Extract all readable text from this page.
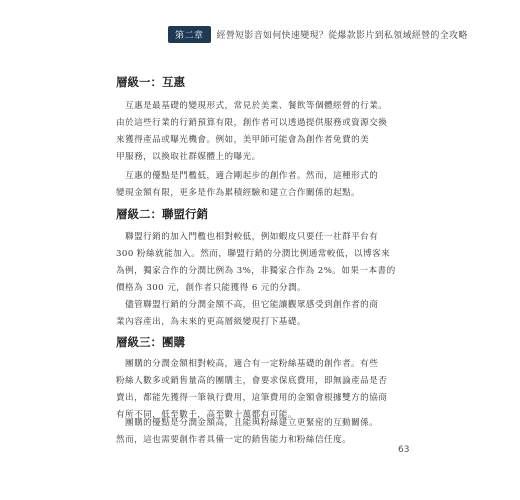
第二章	經營短影音如何快速變現？從爆款影片到私領域經營的全攻略
層級一：互惠
　互惠是最基礎的變現形式，常見於美業、餐飲等個體經營的行業。
由於這些行業的行銷預算有限，創作者可以透過提供服務或資源交換
來獲得產品或曝光機會。例如，美甲師可能會為創作者免費的美
甲服務，以換取社群媒體上的曝光。
　互惠的優點是門檻低，適合剛起步的創作者。然而，這種形式的
變現金額有限，更多是作為累積經驗和建立合作關係的起點。
層級二：聯盟行銷
　聯盟行銷的加入門檻也相對較低，例如蝦皮只要任一社群平台有
300 粉絲就能加入。然而，聯盟行銷的分潤比例通常較低，以博客來
為例，獨家合作的分潤比例為 3%，非獨家合作為 2%。如果一本書的
價格為 300 元，創作者只能獲得 6 元的分潤。
　儘管聯盟行銷的分潤金額不高，但它能讓觀眾感受到創作者的商
業內容產出，為未來的更高層級變現打下基礎。
層級三：團購
　團購的分潤金額相對較高，適合有一定粉絲基礎的創作者。有些
粉絲人數多或銷售量高的團購主，會要求保底費用，即無論產品是否
賣出，都能先獲得一筆執行費用，這筆費用的金額會根據雙方的協商
有所不同，低至數千，高至數十萬都有可能。
　團購的優點是分潤金額高，且能與粉絲建立更緊密的互動關係。
然而，這也需要創作者具備一定的銷售能力和粉絲信任度。
63
